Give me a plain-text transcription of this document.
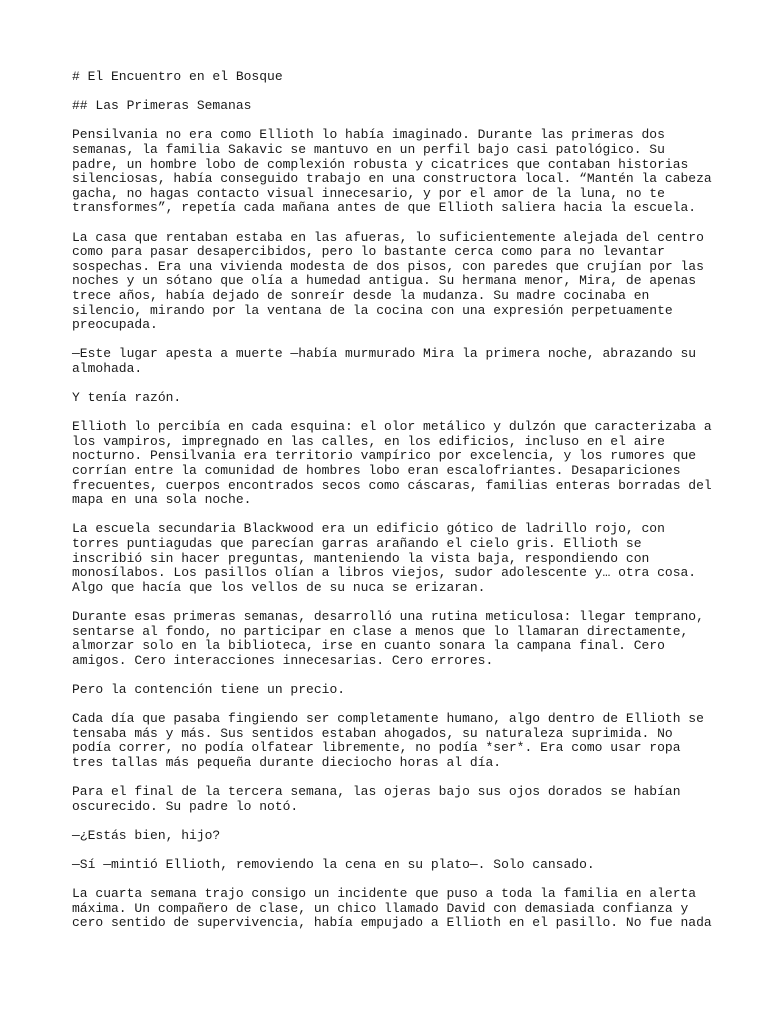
# El Encuentro en el Bosque

## Las Primeras Semanas

Pensilvania no era como Ellioth lo había imaginado. Durante las primeras dos semanas, la familia Sakavic se mantuvo en un perfil bajo casi patológico. Su padre, un hombre lobo de complexión robusta y cicatrices que contaban historias silenciosas, había conseguido trabajo en una constructora local. “Mantén la cabeza gacha, no hagas contacto visual innecesario, y por el amor de la luna, no te transformes”, repetía cada mañana antes de que Ellioth saliera hacia la escuela.

La casa que rentaban estaba en las afueras, lo suficientemente alejada del centro como para pasar desapercibidos, pero lo bastante cerca como para no levantar sospechas. Era una vivienda modesta de dos pisos, con paredes que crujían por las noches y un sótano que olía a humedad antigua. Su hermana menor, Mira, de apenas trece años, había dejado de sonreír desde la mudanza. Su madre cocinaba en silencio, mirando por la ventana de la cocina con una expresión perpetuamente preocupada.

—Este lugar apesta a muerte —había murmurado Mira la primera noche, abrazando su almohada.

Y tenía razón.

Ellioth lo percibía en cada esquina: el olor metálico y dulzón que caracterizaba a los vampiros, impregnado en las calles, en los edificios, incluso en el aire nocturno. Pensilvania era territorio vampírico por excelencia, y los rumores que corrían entre la comunidad de hombres lobo eran escalofriantes. Desapariciones frecuentes, cuerpos encontrados secos como cáscaras, familias enteras borradas del mapa en una sola noche.

La escuela secundaria Blackwood era un edificio gótico de ladrillo rojo, con torres puntiagudas que parecían garras arañando el cielo gris. Ellioth se inscribió sin hacer preguntas, manteniendo la vista baja, respondiendo con monosílabos. Los pasillos olían a libros viejos, sudor adolescente y… otra cosa. Algo que hacía que los vellos de su nuca se erizaran.

Durante esas primeras semanas, desarrolló una rutina meticulosa: llegar temprano, sentarse al fondo, no participar en clase a menos que lo llamaran directamente, almorzar solo en la biblioteca, irse en cuanto sonara la campana final. Cero amigos. Cero interacciones innecesarias. Cero errores.

Pero la contención tiene un precio.

Cada día que pasaba fingiendo ser completamente humano, algo dentro de Ellioth se tensaba más y más. Sus sentidos estaban ahogados, su naturaleza suprimida. No podía correr, no podía olfatear libremente, no podía *ser*. Era como usar ropa tres tallas más pequeña durante dieciocho horas al día.

Para el final de la tercera semana, las ojeras bajo sus ojos dorados se habían oscurecido. Su padre lo notó.

—¿Estás bien, hijo?

—Sí —mintió Ellioth, removiendo la cena en su plato—. Solo cansado.

La cuarta semana trajo consigo un incidente que puso a toda la familia en alerta máxima. Un compañero de clase, un chico llamado David con demasiada confianza y cero sentido de supervivencia, había empujado a Ellioth en el pasillo. No fue nada
